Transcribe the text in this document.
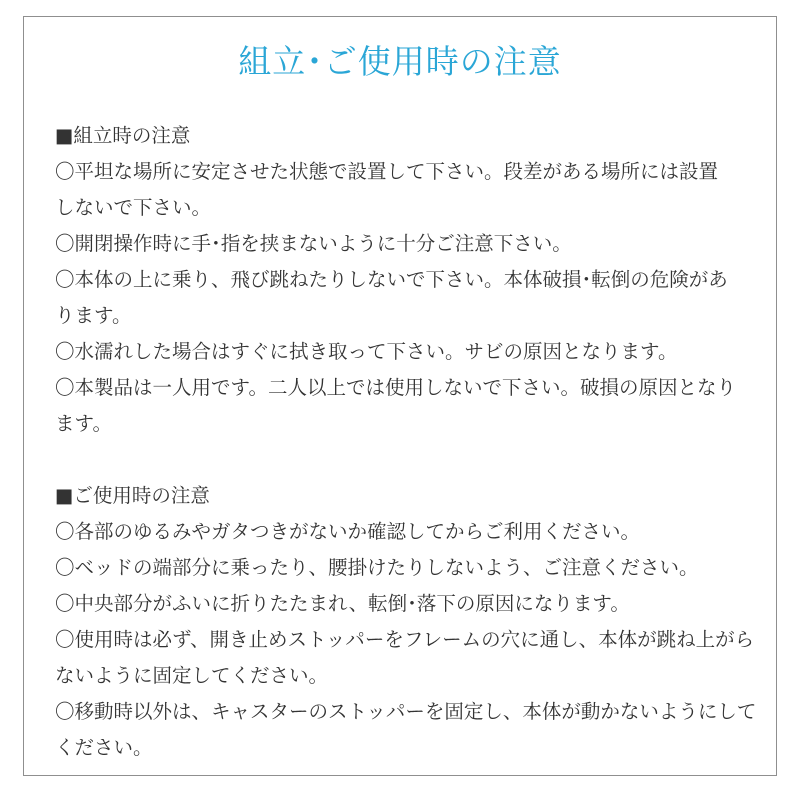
組立･ご使用時の注意
■組立時の注意
〇平坦な場所に安定させた状態で設置して下さい。段差がある場所には設置
しないで下さい。
〇開閉操作時に手･指を挟まないように十分ご注意下さい。
〇本体の上に乗り、飛び跳ねたりしないで下さい。本体破損･転倒の危険があ
ります。
〇水濡れした場合はすぐに拭き取って下さい。サビの原因となります。
〇本製品は一人用です。二人以上では使用しないで下さい。破損の原因となり
ます。
■ご使用時の注意
〇各部のゆるみやガタつきがないか確認してからご利用ください。
〇ベッドの端部分に乗ったり、腰掛けたりしないよう、ご注意ください。
〇中央部分がふいに折りたたまれ、転倒･落下の原因になります。
〇使用時は必ず、開き止めストッパーをフレームの穴に通し、本体が跳ね上がら
ないように固定してください。
〇移動時以外は、キャスターのストッパーを固定し、本体が動かないようにして
ください。
